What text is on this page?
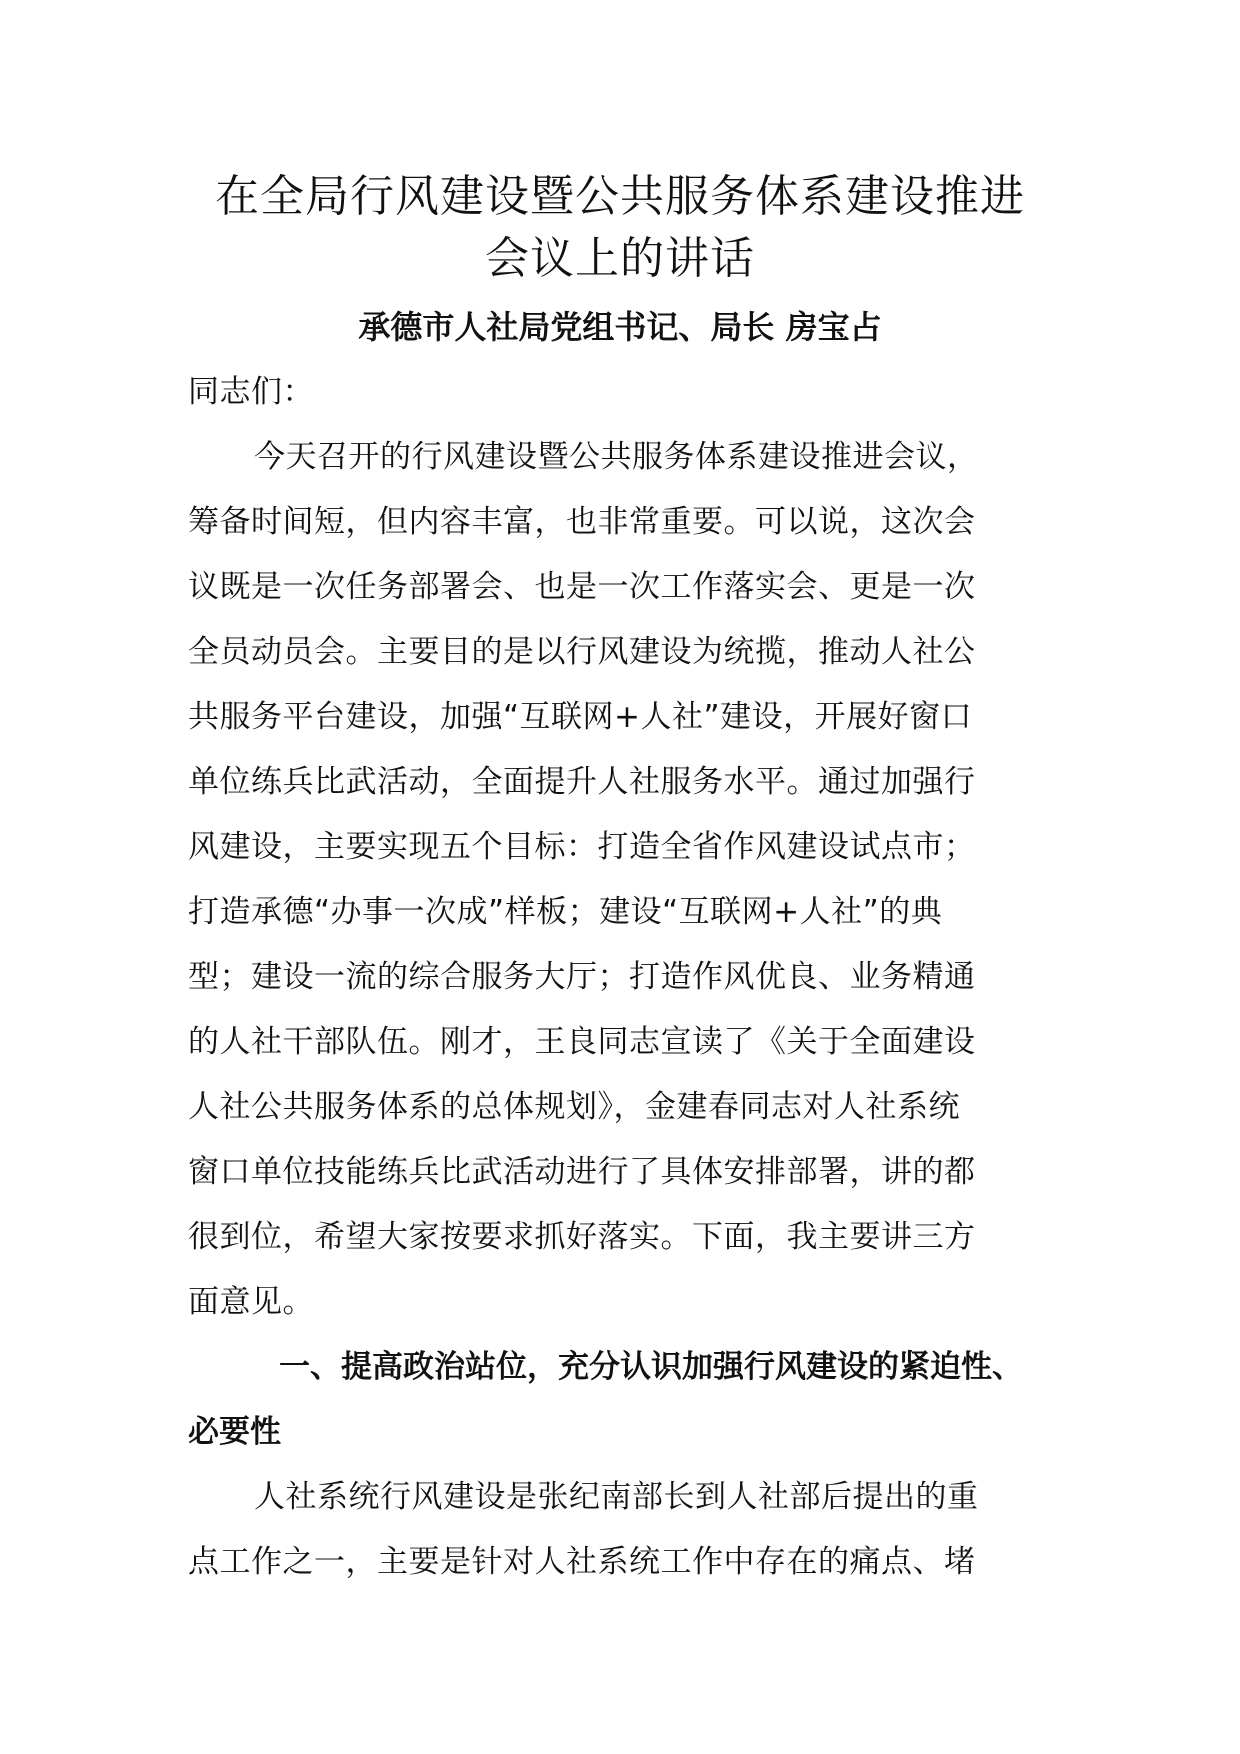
在全局行风建设暨公共服务体系建设推进
会议上的讲话
承德市人社局党组书记、局长 房宝占
同志们：
今天召开的行风建设暨公共服务体系建设推进会议，
筹备时间短，但内容丰富，也非常重要。可以说，这次会
议既是一次任务部署会、也是一次工作落实会、更是一次
全员动员会。主要目的是以行风建设为统揽，推动人社公
共服务平台建设，加强“互联网+人社”建设，开展好窗口
单位练兵比武活动，全面提升人社服务水平。通过加强行
风建设，主要实现五个目标：打造全省作风建设试点市；
打造承德“办事一次成”样板；建设“互联网+人社”的典
型；建设一流的综合服务大厅；打造作风优良、业务精通
的人社干部队伍。刚才，王良同志宣读了《关于全面建设
人社公共服务体系的总体规划》，金建春同志对人社系统
窗口单位技能练兵比武活动进行了具体安排部署，讲的都
很到位，希望大家按要求抓好落实。下面，我主要讲三方
面意见。
一、提高政治站位，充分认识加强行风建设的紧迫性、
必要性
人社系统行风建设是张纪南部长到人社部后提出的重
点工作之一，主要是针对人社系统工作中存在的痛点、堵
